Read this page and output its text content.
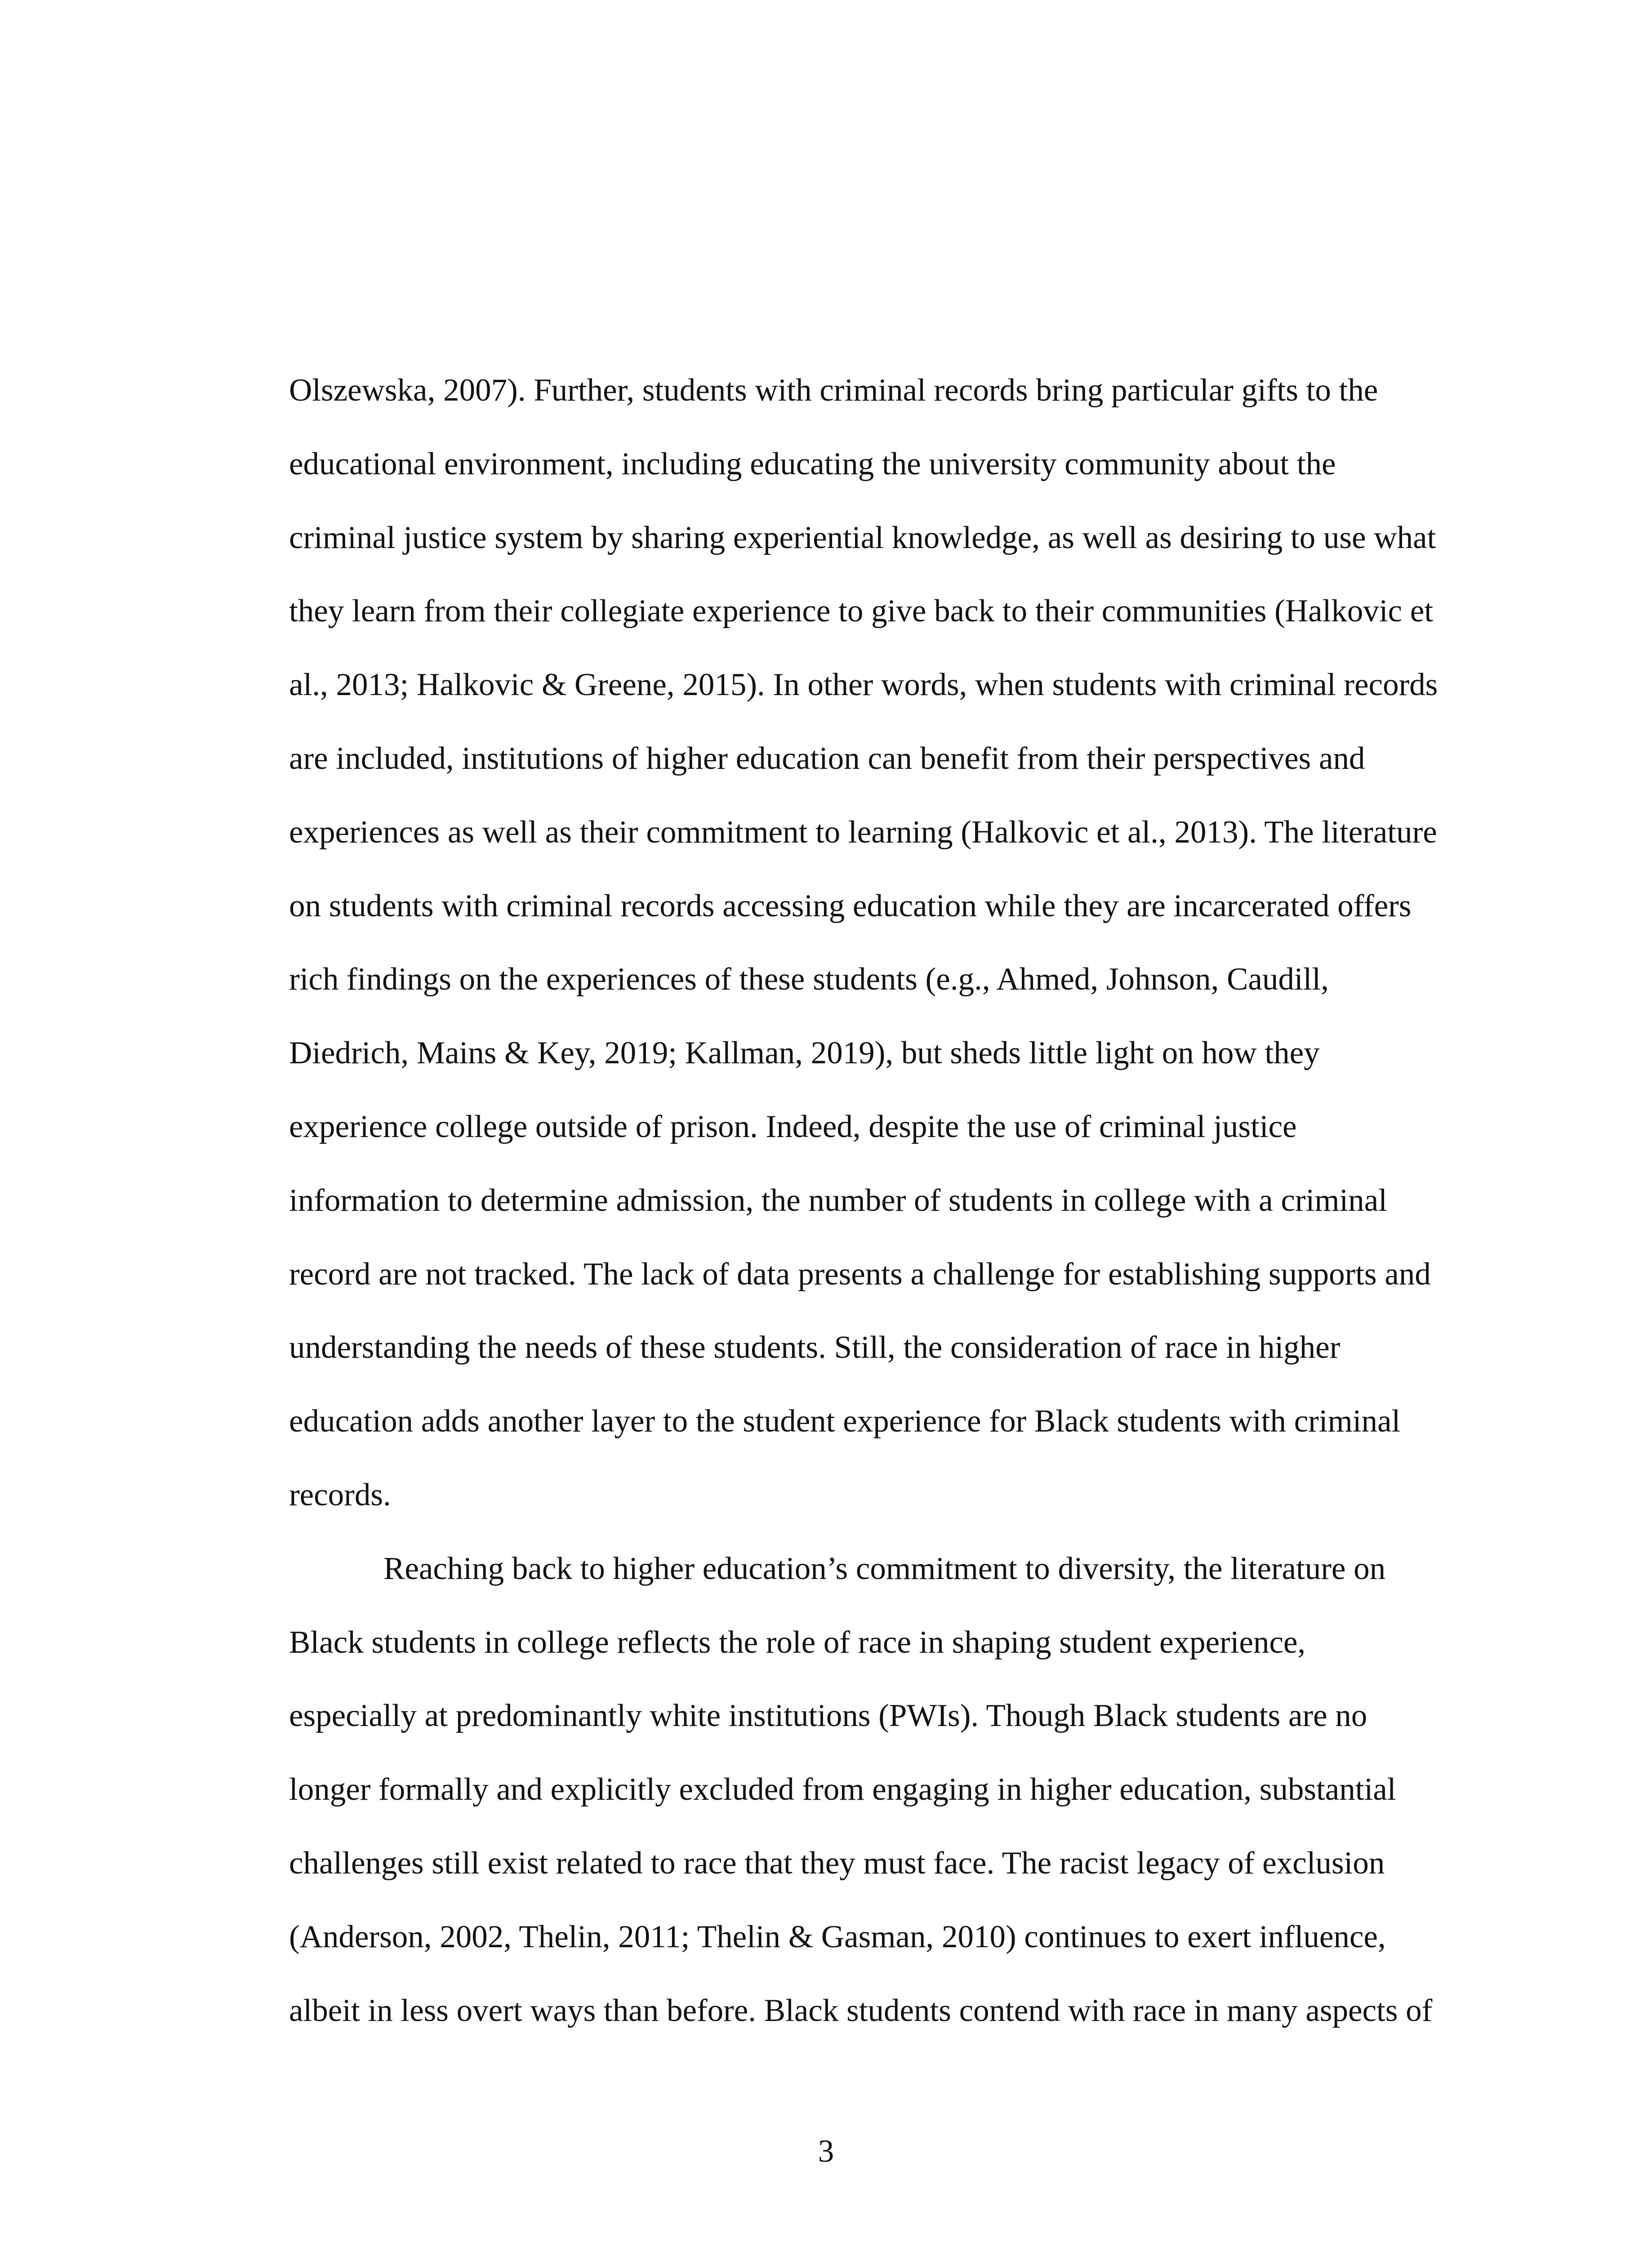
Olszewska, 2007). Further, students with criminal records bring particular gifts to the
educational environment, including educating the university community about the
criminal justice system by sharing experiential knowledge, as well as desiring to use what
they learn from their collegiate experience to give back to their communities (Halkovic et
al., 2013; Halkovic & Greene, 2015). In other words, when students with criminal records
are included, institutions of higher education can benefit from their perspectives and
experiences as well as their commitment to learning (Halkovic et al., 2013). The literature
on students with criminal records accessing education while they are incarcerated offers
rich findings on the experiences of these students (e.g., Ahmed, Johnson, Caudill,
Diedrich, Mains & Key, 2019; Kallman, 2019), but sheds little light on how they
experience college outside of prison. Indeed, despite the use of criminal justice
information to determine admission, the number of students in college with a criminal
record are not tracked. The lack of data presents a challenge for establishing supports and
understanding the needs of these students. Still, the consideration of race in higher
education adds another layer to the student experience for Black students with criminal
records.
Reaching back to higher education’s commitment to diversity, the literature on
Black students in college reflects the role of race in shaping student experience,
especially at predominantly white institutions (PWIs). Though Black students are no
longer formally and explicitly excluded from engaging in higher education, substantial
challenges still exist related to race that they must face. The racist legacy of exclusion
(Anderson, 2002, Thelin, 2011; Thelin & Gasman, 2010) continues to exert influence,
albeit in less overt ways than before. Black students contend with race in many aspects of
3
